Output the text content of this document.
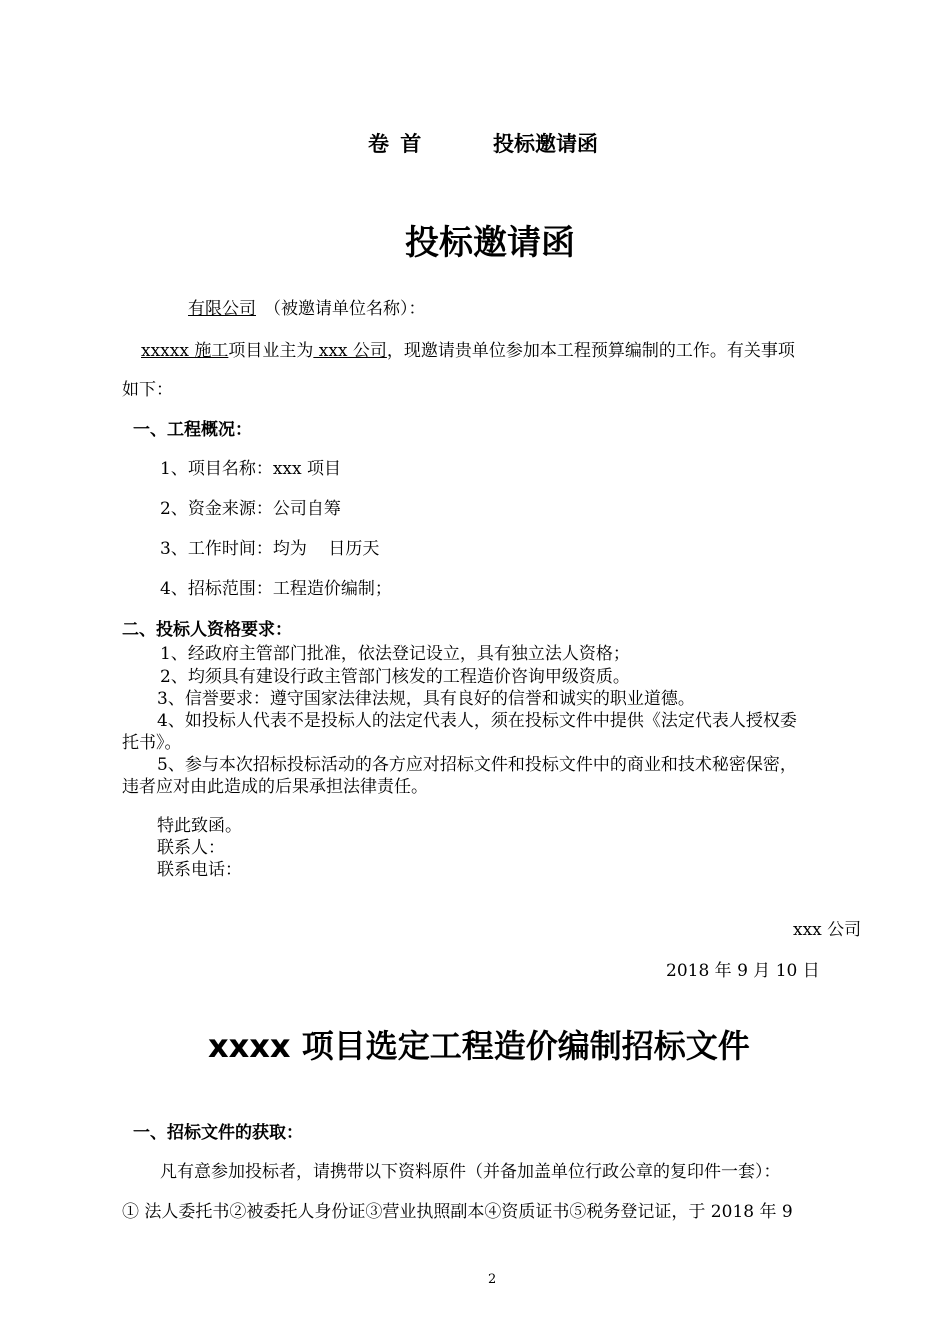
卷 首	投标邀请函
投标邀请函
有限公司 （被邀请单位名称）：
xxxxx 施工项目业主为 xxx 公司，现邀请贵单位参加本工程预算编制的工作。有关事项
如下：
一、工程概况：
1、项目名称：xxx 项目
2、资金来源：公司自筹
3、工作时间：均为    日历天
4、招标范围：工程造价编制；
二、投标人资格要求：
1、经政府主管部门批准，依法登记设立，具有独立法人资格；
2、均须具有建设行政主管部门核发的工程造价咨询甲级资质。
3、信誉要求：遵守国家法律法规，具有良好的信誉和诚实的职业道德。
4、如投标人代表不是投标人的法定代表人，须在投标文件中提供《法定代表人授权委
托书》。
5、参与本次招标投标活动的各方应对招标文件和投标文件中的商业和技术秘密保密，
违者应对由此造成的后果承担法律责任。
特此致函。
联系人：
联系电话：
xxx 公司
2018 年 9 月 10 日
xxxx 项目选定工程造价编制招标文件
一、招标文件的获取：
凡有意参加投标者，请携带以下资料原件（并备加盖单位行政公章的复印件一套）：
① 法人委托书②被委托人身份证③营业执照副本④资质证书⑤税务登记证，于 2018 年 9
2
